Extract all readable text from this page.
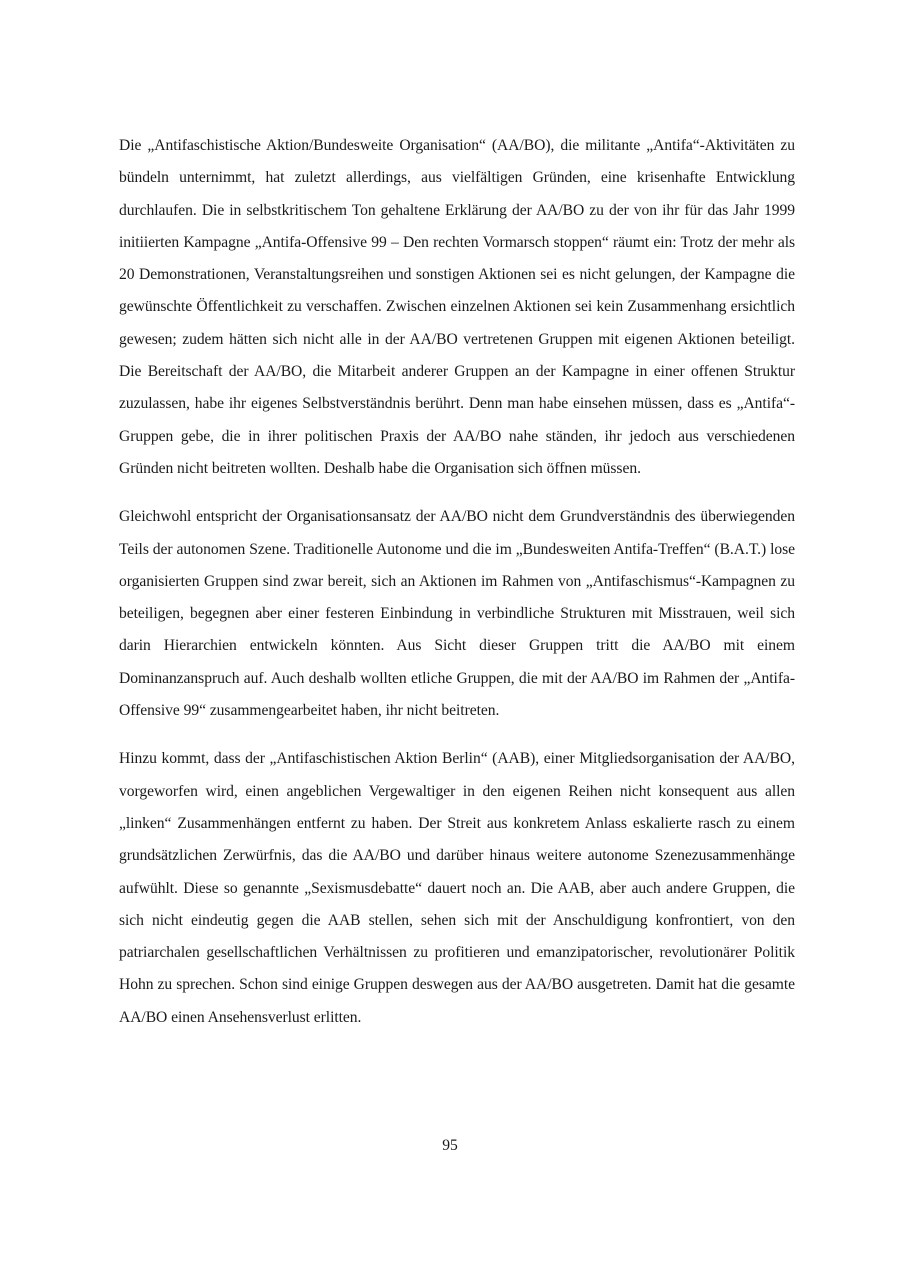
Die „Antifaschistische Aktion/Bundesweite Organisation“ (AA/BO), die militante „Antifa“-Aktivitäten zu bündeln unternimmt, hat zuletzt allerdings, aus vielfältigen Gründen, eine krisenhafte Entwicklung durchlaufen. Die in selbstkritischem Ton gehaltene Erklärung der AA/BO zu der von ihr für das Jahr 1999 initiierten Kampagne „Antifa-Offensive 99 – Den rechten Vormarsch stoppen“ räumt ein: Trotz der mehr als 20 Demonstrationen, Veranstaltungsreihen und sonstigen Aktionen sei es nicht gelungen, der Kampagne die gewünschte Öffentlichkeit zu verschaffen. Zwischen einzelnen Aktionen sei kein Zusammenhang ersichtlich gewesen; zudem hätten sich nicht alle in der AA/BO vertretenen Gruppen mit eigenen Aktionen beteiligt. Die Bereitschaft der AA/BO, die Mitarbeit anderer Gruppen an der Kampagne in einer offenen Struktur zuzulassen, habe ihr eigenes Selbstverständnis berührt. Denn man habe einsehen müssen, dass es „Antifa“-Gruppen gebe, die in ihrer politischen Praxis der AA/BO nahe ständen, ihr jedoch aus verschiedenen Gründen nicht beitreten wollten. Deshalb habe die Organisation sich öffnen müssen.

Gleichwohl entspricht der Organisationsansatz der AA/BO nicht dem Grundverständnis des überwiegenden Teils der autonomen Szene. Traditionelle Autonome und die im „Bundesweiten Antifa-Treffen“ (B.A.T.) lose organisierten Gruppen sind zwar bereit, sich an Aktionen im Rahmen von „Antifaschismus“-Kampagnen zu beteiligen, begegnen aber einer festeren Einbindung in verbindliche Strukturen mit Misstrauen, weil sich darin Hierarchien entwickeln könnten. Aus Sicht dieser Gruppen tritt die AA/BO mit einem Dominanzanspruch auf. Auch deshalb wollten etliche Gruppen, die mit der AA/BO im Rahmen der „Antifa-Offensive 99“ zusammengearbeitet haben, ihr nicht beitreten.

Hinzu kommt, dass der „Antifaschistischen Aktion Berlin“ (AAB), einer Mitgliedsorganisation der AA/BO, vorgeworfen wird, einen angeblichen Vergewaltiger in den eigenen Reihen nicht konsequent aus allen „linken“ Zusammenhängen entfernt zu haben. Der Streit aus konkretem Anlass eskalierte rasch zu einem grundsätzlichen Zerwürfnis, das die AA/BO und darüber hinaus weitere autonome Szenezusammenhänge aufwühlt. Diese so genannte „Sexismusdebatte“ dauert noch an. Die AAB, aber auch andere Gruppen, die sich nicht eindeutig gegen die AAB stellen, sehen sich mit der Anschuldigung konfrontiert, von den patriarchalen gesellschaftlichen Verhältnissen zu profitieren und emanzipatorischer, revolutionärer Politik Hohn zu sprechen. Schon sind einige Gruppen deswegen aus der AA/BO ausgetreten. Damit hat die gesamte AA/BO einen Ansehensverlust erlitten.

95
